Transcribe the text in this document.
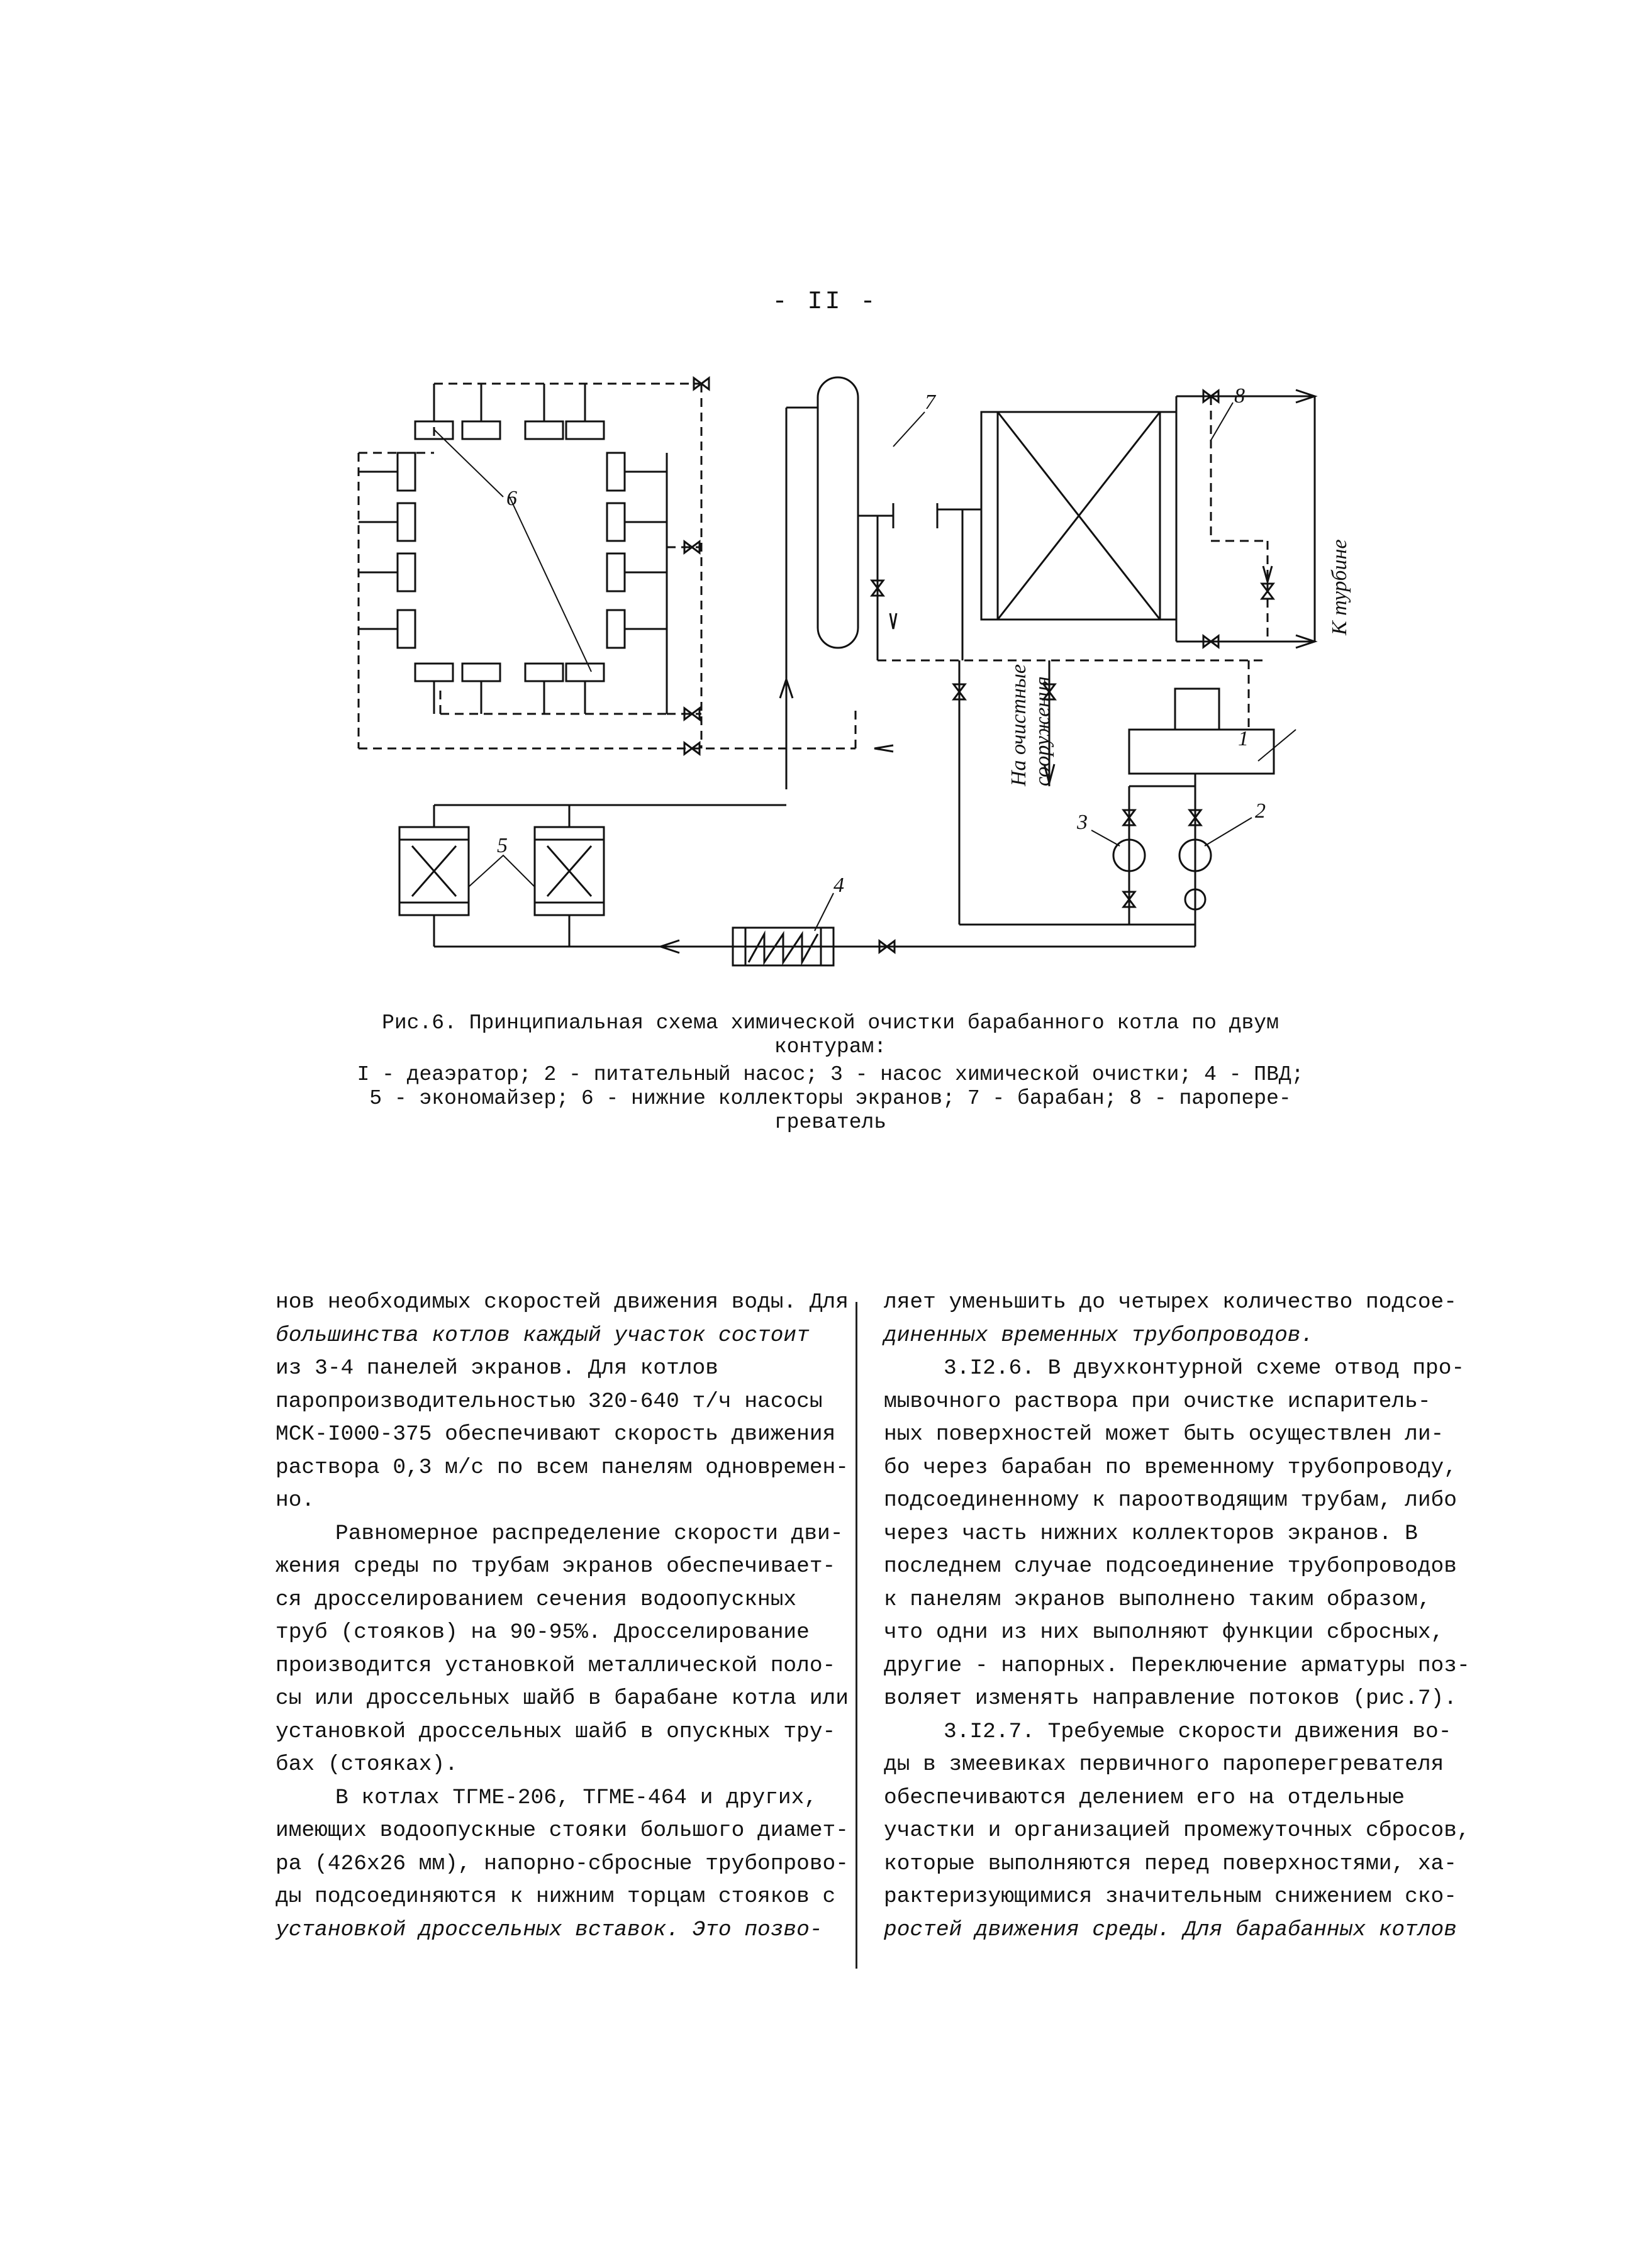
- II -
1
2
3
4
5
6
7	8
К турбине
На очистные сооружения
Рис.6. Принципиальная схема химической очистки барабанного котла по двум контурам:
I - деаэратор; 2 - питательный насос; 3 - насос химической очистки; 4 - ПВД;
5 - экономайзер; 6 - нижние коллекторы экранов; 7 - барабан; 8 - паропере-
греватель
нов необходимых скоростей движения воды. Для
большинства котлов каждый участок состоит
из 3-4 панелей экранов. Для котлов
паропроизводительностью 320-640 т/ч насосы
МСК-I000-375 обеспечивают скорость движения
раствора 0,3 м/с по всем панелям одновремен-
но.
Равномерное распределение скорости дви-
жения среды по трубам экранов обеспечивает-
ся дросселированием сечения водоопускных
труб (стояков) на 90-95%. Дросселирование
производится установкой металлической поло-
сы или дроссельных шайб в барабане котла или
установкой дроссельных шайб в опускных тру-
бах (стояках).
В котлах ТГМЕ-206, ТГМЕ-464 и других,
имеющих водоопускные стояки большого диамет-
ра (426х26 мм), напорно-сбросные трубопрово-
ды подсоединяются к нижним торцам стояков с
установкой дроссельных вставок. Это позво-
ляет уменьшить до четырех количество подсое-
диненных временных трубопроводов.
3.I2.6. В двухконтурной схеме отвод про-
мывочного раствора при очистке испаритель-
ных поверхностей может быть осуществлен ли-
бо через барабан по временному трубопроводу,
подсоединенному к пароотводящим трубам, либо
через часть нижних коллекторов экранов. В
последнем случае подсоединение трубопроводов
к панелям экранов выполнено таким образом,
что одни из них выполняют функции сбросных,
другие - напорных. Переключение арматуры поз-
воляет изменять направление потоков (рис.7).
3.I2.7. Требуемые скорости движения во-
ды в змеевиках первичного пароперегревателя
обеспечиваются делением его на отдельные
участки и организацией промежуточных сбросов,
которые выполняются перед поверхностями, ха-
рактеризующимися значительным снижением ско-
ростей движения среды. Для барабанных котлов
